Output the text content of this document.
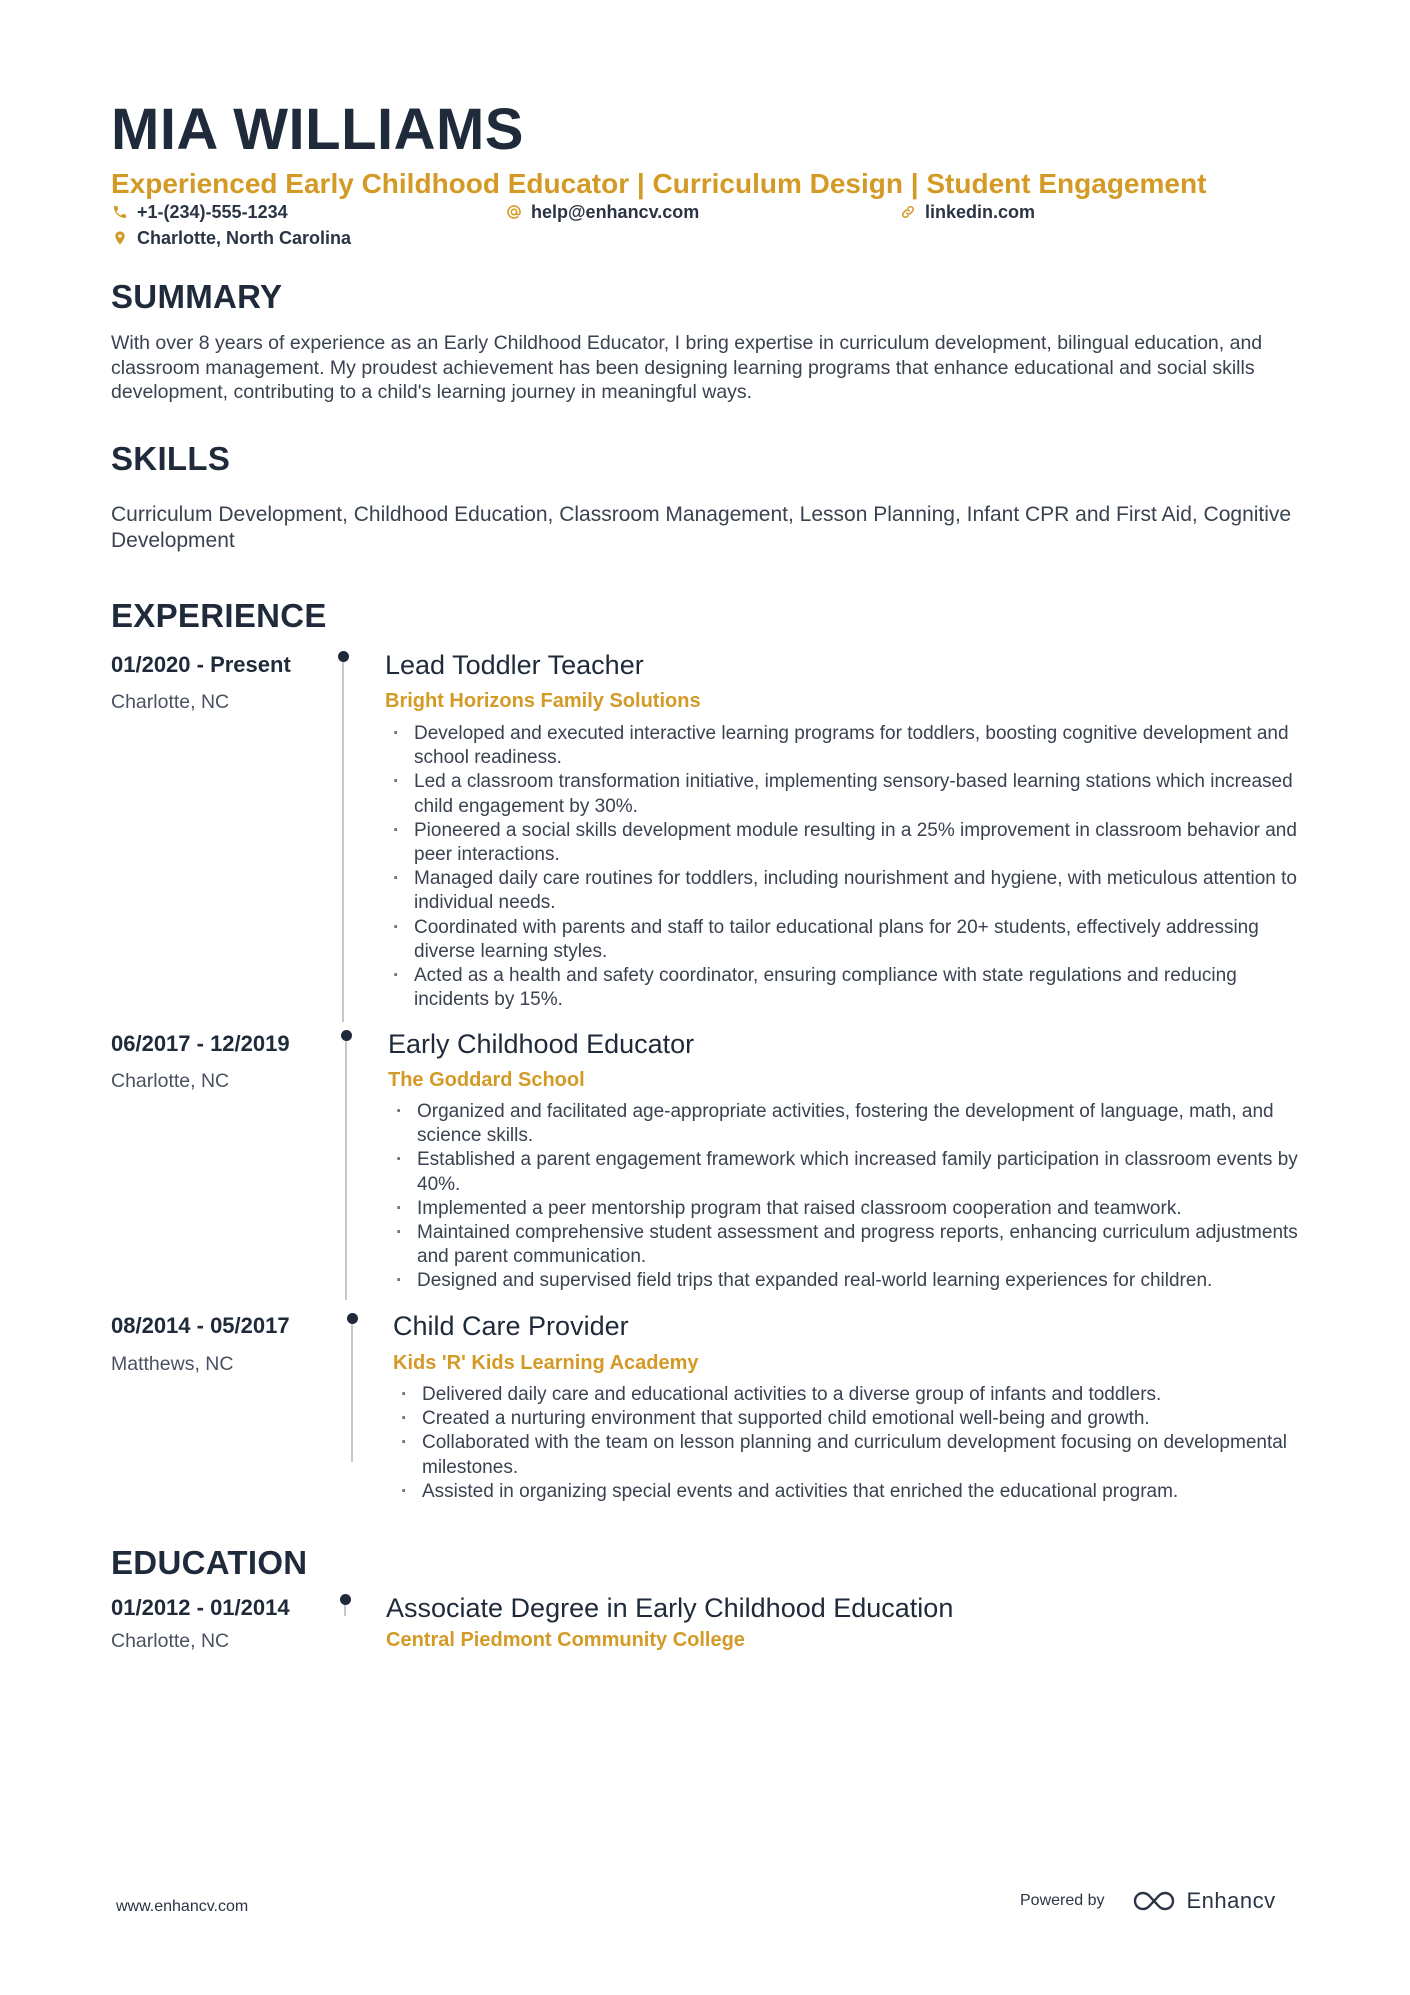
MIA WILLIAMS
Experienced Early Childhood Educator | Curriculum Design | Student Engagement
+1-(234)-555-1234	help@enhancv.com	linkedin.com
Charlotte, North Carolina
SUMMARY
With over 8 years of experience as an Early Childhood Educator, I bring expertise in curriculum development, bilingual education, and classroom management. My proudest achievement has been designing learning programs that enhance educational and social skills development, contributing to a child's learning journey in meaningful ways.
SKILLS
Curriculum Development, Childhood Education, Classroom Management, Lesson Planning, Infant CPR and First Aid, Cognitive Development
EXPERIENCE
01/2020 - Present
Charlotte, NC
Lead Toddler Teacher
Bright Horizons Family Solutions
· Developed and executed interactive learning programs for toddlers, boosting cognitive development and school readiness.
· Led a classroom transformation initiative, implementing sensory-based learning stations which increased child engagement by 30%.
· Pioneered a social skills development module resulting in a 25% improvement in classroom behavior and peer interactions.
· Managed daily care routines for toddlers, including nourishment and hygiene, with meticulous attention to individual needs.
· Coordinated with parents and staff to tailor educational plans for 20+ students, effectively addressing diverse learning styles.
· Acted as a health and safety coordinator, ensuring compliance with state regulations and reducing incidents by 15%.
06/2017 - 12/2019
Charlotte, NC
Early Childhood Educator
The Goddard School
· Organized and facilitated age-appropriate activities, fostering the development of language, math, and science skills.
· Established a parent engagement framework which increased family participation in classroom events by 40%.
· Implemented a peer mentorship program that raised classroom cooperation and teamwork.
· Maintained comprehensive student assessment and progress reports, enhancing curriculum adjustments and parent communication.
· Designed and supervised field trips that expanded real-world learning experiences for children.
08/2014 - 05/2017
Matthews, NC
Child Care Provider
Kids 'R' Kids Learning Academy
· Delivered daily care and educational activities to a diverse group of infants and toddlers.
· Created a nurturing environment that supported child emotional well-being and growth.
· Collaborated with the team on lesson planning and curriculum development focusing on developmental milestones.
· Assisted in organizing special events and activities that enriched the educational program.
EDUCATION
01/2012 - 01/2014
Charlotte, NC
Associate Degree in Early Childhood Education
Central Piedmont Community College
www.enhancv.com	Powered by	Enhancv
